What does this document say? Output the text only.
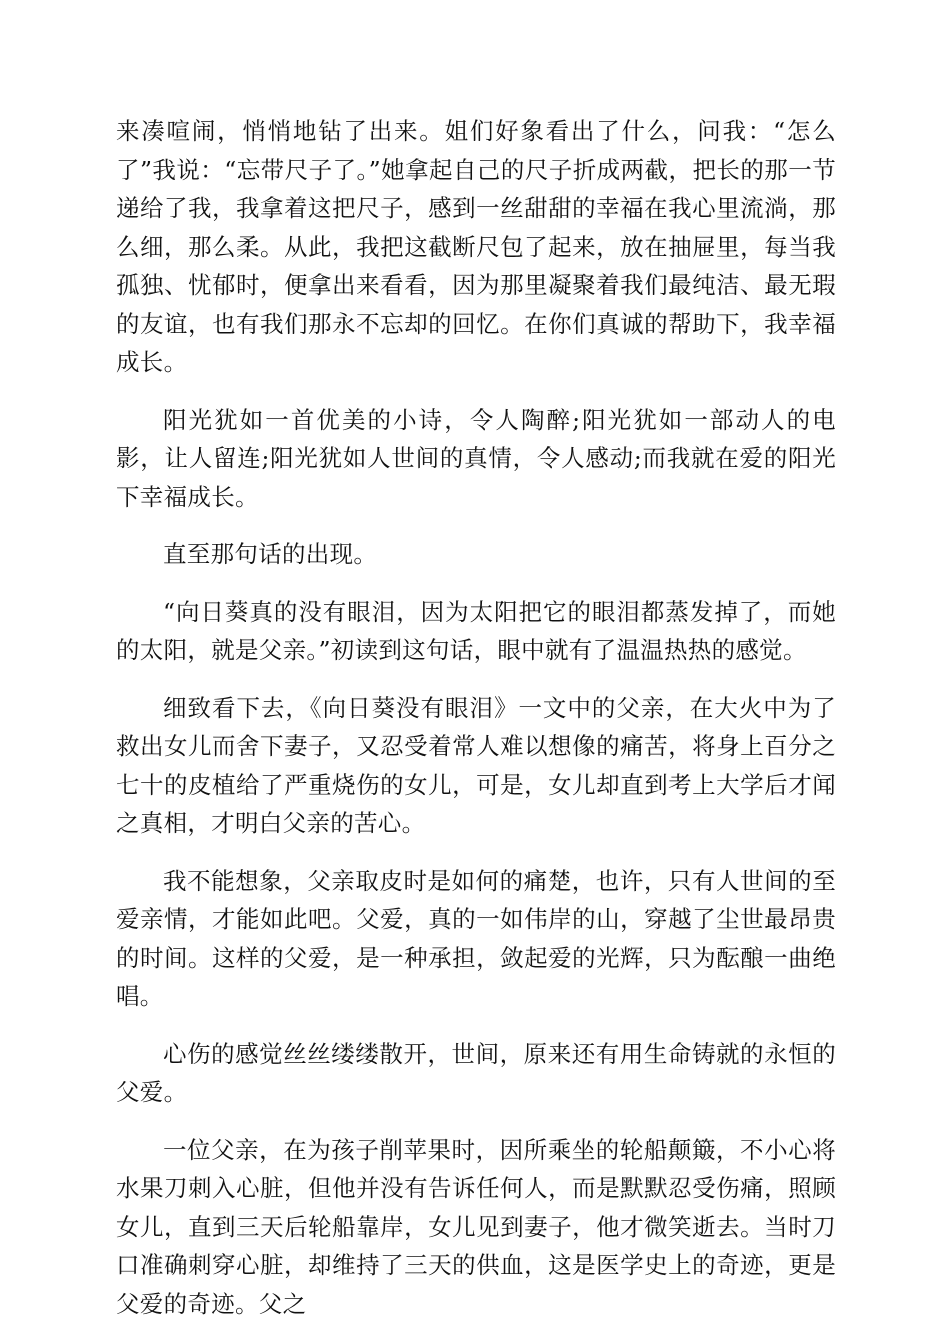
来凑喧闹，悄悄地钻了出来。姐们好象看出了什么，问我：“怎么了”我说：“忘带尺子了。”她拿起自己的尺子折成两截，把长的那一节递给了我，我拿着这把尺子，感到一丝甜甜的幸福在我心里流淌，那么细，那么柔。从此，我把这截断尺包了起来，放在抽屉里，每当我孤独、忧郁时，便拿出来看看，因为那里凝聚着我们最纯洁、最无瑕的友谊，也有我们那永不忘却的回忆。在你们真诚的帮助下，我幸福成长。

阳光犹如一首优美的小诗，令人陶醉;阳光犹如一部动人的电影，让人留连;阳光犹如人世间的真情，令人感动;而我就在爱的阳光下幸福成长。

直至那句话的出现。

“向日葵真的没有眼泪，因为太阳把它的眼泪都蒸发掉了，而她的太阳，就是父亲。”初读到这句话，眼中就有了温温热热的感觉。

细致看下去，《向日葵没有眼泪》一文中的父亲，在大火中为了救出女儿而舍下妻子，又忍受着常人难以想像的痛苦，将身上百分之七十的皮植给了严重烧伤的女儿，可是，女儿却直到考上大学后才闻之真相，才明白父亲的苦心。

我不能想象，父亲取皮时是如何的痛楚，也许，只有人世间的至爱亲情，才能如此吧。父爱，真的一如伟岸的山，穿越了尘世最昂贵的时间。这样的父爱，是一种承担，敛起爱的光辉，只为酝酿一曲绝唱。

心伤的感觉丝丝缕缕散开，世间，原来还有用生命铸就的永恒的父爱。

一位父亲，在为孩子削苹果时，因所乘坐的轮船颠簸，不小心将水果刀刺入心脏，但他并没有告诉任何人，而是默默忍受伤痛，照顾女儿，直到三天后轮船靠岸，女儿见到妻子，他才微笑逝去。当时刀口准确刺穿心脏，却维持了三天的供血，这是医学史上的奇迹，更是父爱的奇迹。父之
